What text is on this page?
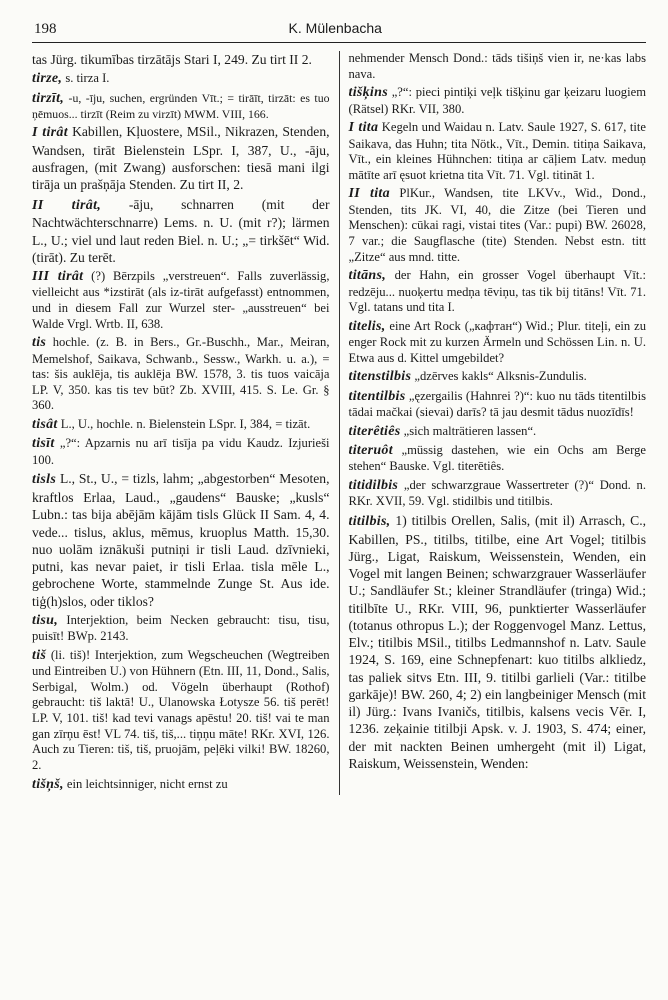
198	K. Mülenbacha

tas Jürg. tikumības tirzātājs Stari I, 249. Zu tirt II 2.

tirze, s. tirza I.

tirzīt, -u, -īju, suchen, ergründen Vīt.; = tirāīt, tirzāt: es tuo ņēmuos... tirzīt (Reim zu virzīt) MWM. VIII, 166.

I tirât Kabillen, Kļuostere, MSil., Nikrazen, Stenden, Wandsen, tirāt Bielenstein LSpr. I, 387, U., -āju, ausfragen, (mit Zwang) ausforschen: tiesā mani ilgi tirāja un prašņāja Stenden. Zu tirt II, 2.

II tirât, -āju, schnarren (mit der Nachtwächterschnarre) Lems. n. U. (mit r?); lärmen L., U.; viel und laut reden Biel. n. U.; „= tirkšēt“ Wid. (tirāt). Zu terēt.

III tirât (?) Bērzpils „verstreuen“. Falls zuverlässig, vielleicht aus *izstirāt (als iz-tirāt aufgefasst) entnommen, und in diesem Fall zur Wurzel ster- „ausstreuen“ bei Walde Vrgl. Wrtb. II, 638.

tis hochle. (z. B. in Bers., Gr.-Buschh., Mar., Meiran, Memelshof, Saikava, Schwanb., Sessw., Warkh. u. a.), = tas: šis auklēja, tis auklēja BW. 1578, 3. tis tuos vaicāja LP. V, 350. kas tis tev būt? Zb. XVIII, 415. S. Le. Gr. § 360.

tisât L., U., hochle. n. Bielenstein LSpr. I, 384, = tizāt.

tisīt „?“: Apzarnis nu arī tisīja pa vidu Kaudz. Izjurieši 100.

tisls L., St., U., = tizls, lahm; „abgestorben“ Mesoten, kraftlos Erlaa, Laud., „gaudens“ Bauske; „kusls“ Lubn.: tas bija abējām kājām tisls Glück II Sam. 4, 4. vede... tislus, aklus, mēmus, kruoplus Matth. 15,30. nuo uolām iznākuši putniņi ir tisli Laud. dzīvnieki, putni, kas nevar paiet, ir tisli Erlaa. tisla mēle L., gebrochene Worte, stammelnde Zunge St. Aus ide. tiģ(h)slos, oder tiklos?

tisu, Interjektion, beim Necken gebraucht: tisu, tisu, puisīt! BWp. 2143.

tiš (li. tiš)! Interjektion, zum Wegscheuchen (Wegtreiben und Eintreiben U.) von Hühnern (Etn. III, 11, Dond., Salis, Serbigal, Wolm.) od. Vögeln überhaupt (Rothof) gebraucht: tiš laktā! U., Ulanowska Łotysze 56. tiš perēt! LP. V, 101. tiš! kad tevi vanags apēstu! 20. tiš! vai te man gan zīrņu ēst! VL 74. tiš, tiš,... tiņņu māte! RKr. XVI, 126. Auch zu Tieren: tiš, tiš, pruojām, peļēki vilki! BW. 18260, 2.

tišņš, ein leichtsinniger, nicht ernst zu

nehmender Mensch Dond.: tāds tišiņš vien ir, ne·kas labs nava.

tišķins „?“: pieci pintiķi veļk tišķinu gar ķeizaru luogiem (Rätsel) RKr. VII, 380.

I tita Kegeln und Waidau n. Latv. Saule 1927, S. 617, tite Saikava, das Huhn; tita Nötk., Vīt., Demin. titiņa Saikava, Vīt., ein kleines Hühnchen: titiņa ar cāļiem Latv. meduņ mātīte arī ęsuot krietna tita Vīt. 71. Vgl. titināt 1.

II tita PlKur., Wandsen, tite LKVv., Wid., Dond., Stenden, tits JK. VI, 40, die Zitze (bei Tieren und Menschen): cūkai ragi, vistai tites (Var.: pupi) BW. 26028, 7 var.; die Saugflasche (tite) Stenden. Nebst estn. titt „Zitze“ aus mnd. titte.

titāns, der Hahn, ein grosser Vogel überhaupt Vīt.: redzēju... nuoķertu medņa tēviņu, tas tik bij titāns! Vīt. 71. Vgl. tatans und tita I.

titelis, eine Art Rock („кафтан“) Wid.; Plur. titeļi, ein zu enger Rock mit zu kurzen Ärmeln und Schössen Lin. n. U. Etwa aus d. Kittel umgebildet?

titenstilbis „dzērves kakls“ Alksnis-Zundulis.

titentilbis „ęzergailis (Hahnrei ?)“: kuo nu tāds titentilbis tādai mačkai (sievai) darīs? tā jau desmit tādus nuozīdīs!

titerêtiês „sich malträtieren lassen“.

titeruôt „müssig dastehen, wie ein Ochs am Berge stehen“ Bauske. Vgl. titerētiês.

titidilbis „der schwarzgraue Wassertreter (?)“ Dond. n. RKr. XVII, 59. Vgl. stidilbis und titilbis.

titilbis, 1) titilbis Orellen, Salis, (mit il) Arrasch, C., Kabillen, PS., titilbs, titilbe, eine Art Vogel; titilbis Jürg., Ligat, Raiskum, Weissenstein, Wenden, ein Vogel mit langen Beinen; schwarzgrauer Wasserläufer U.; Sandläufer St.; kleiner Strandläufer (tringa) Wid.; titilbīte U., RKr. VIII, 96, punktierter Wasserläufer (totanus othropus L.); der Roggenvogel Manz. Lettus, Elv.; titilbis MSil., titilbs Ledmannshof n. Latv. Saule 1924, S. 169, eine Schnepfenart: kuo titilbs alkliedz, tas paliek sitvs Etn. III, 9. titilbi garlieli (Var.: titilbe garkāje)! BW. 260, 4; 2) ein langbeiniger Mensch (mit il) Jürg.: Ivans Ivaničs, titilbis, kalsens vecis Vēr. I, 1236. zeķainie titilbji Apsk. v. J. 1903, S. 474; einer, der mit nackten Beinen umhergeht (mit il) Ligat, Raiskum, Weissenstein, Wenden:
